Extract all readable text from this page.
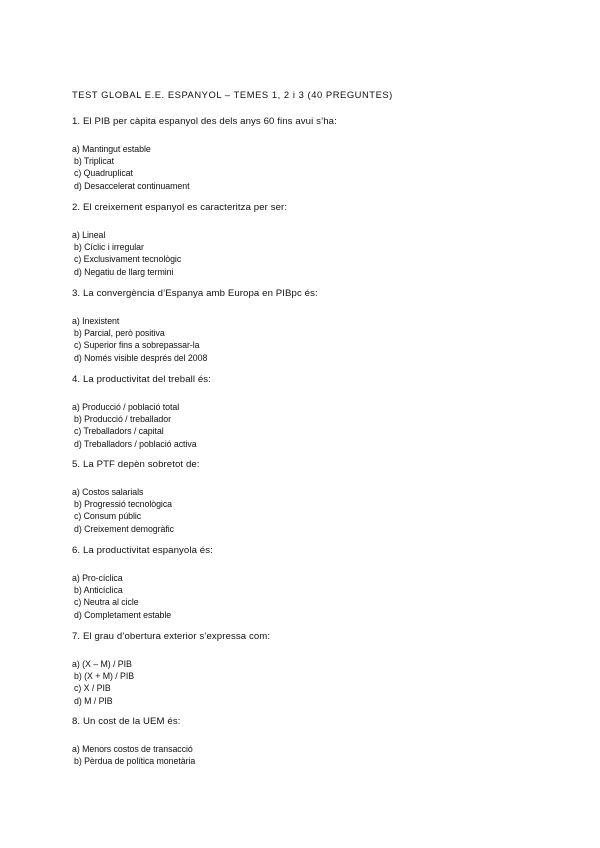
TEST GLOBAL E.E. ESPANYOL – TEMES 1, 2 i 3 (40 PREGUNTES)

1. El PIB per càpita espanyol des dels anys 60 fins avui s’ha:

a) Mantingut estable
b) Triplicat
c) Quadruplicat
d) Desaccelerat continuament

2. El creixement espanyol es caracteritza per ser:

a) Lineal
b) Cíclic i irregular
c) Exclusivament tecnològic
d) Negatiu de llarg termini

3. La convergència d’Espanya amb Europa en PIBpc és:

a) Inexistent
b) Parcial, però positiva
c) Superior fins a sobrepassar-la
d) Només visible després del 2008

4. La productivitat del treball és:

a) Producció / població total
b) Producció / treballador
c) Treballadors / capital
d) Treballadors / població activa

5. La PTF depèn sobretot de:

a) Costos salarials
b) Progressió tecnològica
c) Consum públic
d) Creixement demogràfic

6. La productivitat espanyola és:

a) Pro-cíclica
b) Anticíclica
c) Neutra al cicle
d) Completament estable

7. El grau d’obertura exterior s’expressa com:

a) (X – M) / PIB
b) (X + M) / PIB
c) X / PIB
d) M / PIB

8. Un cost de la UEM és:

a) Menors costos de transacció
b) Pèrdua de política monetària
